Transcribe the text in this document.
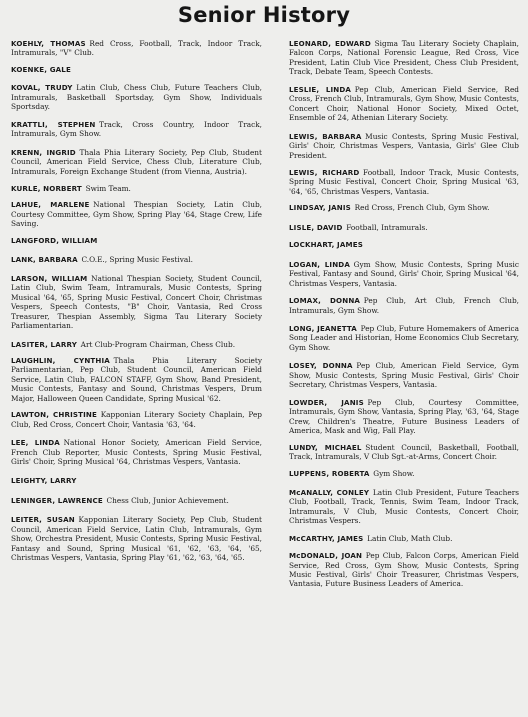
Senior History

KOEHLY, THOMAS  Red Cross, Football, Track, Indoor Track, Intramurals, "V" Club.

KOENKE, GALE

KOVAL, TRUDY  Latin Club, Chess Club, Future Teachers Club, Intramurals, Basketball Sportsday, Gym Show, Individuals Sportsday.

KRATTLI, STEPHEN  Track, Cross Country, Indoor Track, Intramurals, Gym Show.

KRENN, INGRID  Thala Phia Literary Society, Pep Club, Student Council, American Field Service, Chess Club, Literature Club, Intramurals, Foreign Exchange Student (from Vienna, Austria).

KURLE, NORBERT  Swim Team.

LAHUE, MARLENE  National Thespian Society, Latin Club, Courtesy Committee, Gym Show, Spring Play '64, Stage Crew, Life Saving.

LANGFORD, WILLIAM

LANK, BARBARA  C.O.E., Spring Music Festival.

LARSON, WILLIAM  National Thespian Society, Student Council, Latin Club, Swim Team, Intramurals, Music Contests, Spring Musical '64, '65, Spring Music Festival, Concert Choir, Christmas Vespers, Speech Contests, "B" Choir, Vantasia, Red Cross Treasurer, Thespian Assembly, Sigma Tau Literary Society Parliamentarian.

LASITER, LARRY  Art Club-Program Chairman, Chess Club.

LAUGHLIN, CYNTHIA  Thala Phia Literary Society Parliamentarian, Pep Club, Student Council, American Field Service, Latin Club, FALCON STAFF, Gym Show, Band President, Music Contests, Fantasy and Sound, Christmas Vespers, Drum Major, Halloween Queen Candidate, Spring Musical '62.

LAWTON, CHRISTINE  Kapponian Literary Society Chaplain, Pep Club, Red Cross, Concert Choir, Vantasia '63, '64.

LEE, LINDA  National Honor Society, American Field Service, French Club Reporter, Music Contests, Spring Music Festival, Girls' Choir, Spring Musical '64, Christmas Vespers, Vantasia.

LEIGHTY, LARRY

LENINGER, LAWRENCE  Chess Club, Junior Achievement.

LEITER, SUSAN  Kapponian Literary Society, Pep Club, Student Council, American Field Service, Latin Club, Intramurals, Gym Show, Orchestra President, Music Contests, Spring Music Festival, Fantasy and Sound, Spring Musical '61, '62, '63, '64, '65, Christmas Vespers, Vantasia, Spring Play '61, '62, '63, '64, '65.

LEONARD, EDWARD  Sigma Tau Literary Society Chaplain, Falcon Corps, National Forensic League, Red Cross, Vice President, Latin Club Vice President, Chess Club President, Track, Debate Team, Speech Contests.

LESLIE, LINDA  Pep Club, American Field Service, Red Cross, French Club, Intramurals, Gym Show, Music Contests, Concert Choir, National Honor Society, Mixed Octet, Ensemble of 24, Athenian Literary Society.

LEWIS, BARBARA  Music Contests, Spring Music Festival, Girls' Choir, Christmas Vespers, Vantasia, Girls' Glee Club President.

LEWIS, RICHARD  Football, Indoor Track, Music Contests, Spring Music Festival, Concert Choir, Spring Musical '63, '64, '65, Christmas Vespers, Vantasia.

LINDSAY, JANIS  Red Cross, French Club, Gym Show.

LISLE, DAVID  Football, Intramurals.

LOCKHART, JAMES

LOGAN, LINDA  Gym Show, Music Contests, Spring Music Festival, Fantasy and Sound, Girls' Choir, Spring Musical '64, Christmas Vespers, Vantasia.

LOMAX, DONNA  Pep Club, Art Club, French Club, Intramurals, Gym Show.

LONG, JEANETTA  Pep Club, Future Homemakers of America Song Leader and Historian, Home Economics Club Secretary, Gym Show.

LOSEY, DONNA  Pep Club, American Field Service, Gym Show, Music Contests, Spring Music Festival, Girls' Choir Secretary, Christmas Vespers, Vantasia.

LOWDER, JANIS  Pep Club, Courtesy Committee, Intramurals, Gym Show, Vantasia, Spring Play, '63, '64, Stage Crew, Children's Theatre, Future Business Leaders of America, Mask and Wig, Fall Play.

LUNDY, MICHAEL  Student Council, Basketball, Football, Track, Intramurals, V Club Sgt.-at-Arms, Concert Choir.

LUPPENS, ROBERTA  Gym Show.

McANALLY, CONLEY  Latin Club President, Future Teachers Club, Football, Track, Tennis, Swim Team, Indoor Track, Intramurals, V Club, Music Contests, Concert Choir, Christmas Vespers.

McCARTHY, JAMES  Latin Club, Math Club.

McDONALD, JOAN  Pep Club, Falcon Corps, American Field Service, Red Cross, Gym Show, Music Contests, Spring Music Festival, Girls' Choir Treasurer, Christmas Vespers, Vantasia, Future Business Leaders of America.
